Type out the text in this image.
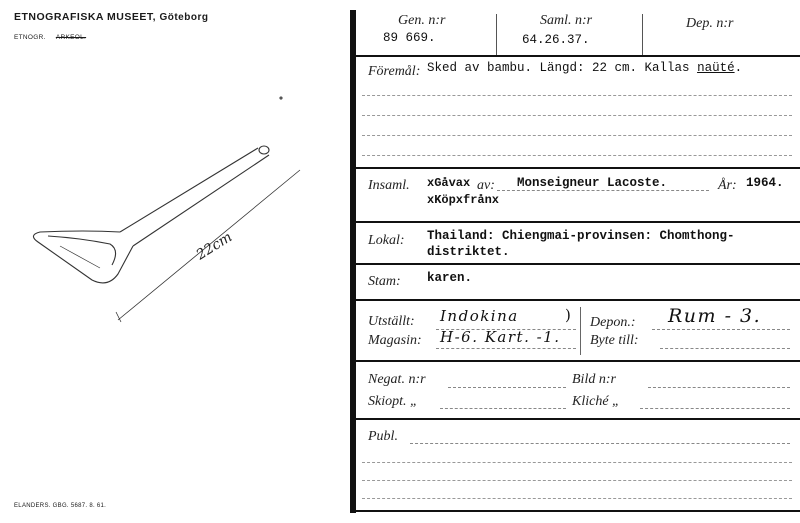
ETNOGRAFISKA MUSEET, Göteborg
ETNOGR. ARKEOL.
22cm
ELANDERS. GBG. 5687. 8. 61.
Gen. n:r
89 669.
Saml. n:r
64.26.37.
Dep. n:r
Föremål: Sked av bambu. Längd: 22 cm. Kallas naüté.
Insaml. xGåvax av: Monseigneur Lacoste.	År: 1964.
xKöpxfrånx
Lokal: Thailand: Chiengmai-provinsen: Chomthong-
distriktet.
Stam: karen.
Utställt: Indokina	) Depon.: Rum - 3.
Magasin: H-6. Kart. -1. Byte till:
Negat. n:r	Bild n:r
Skiopt. „	Kliché „
Publ.
